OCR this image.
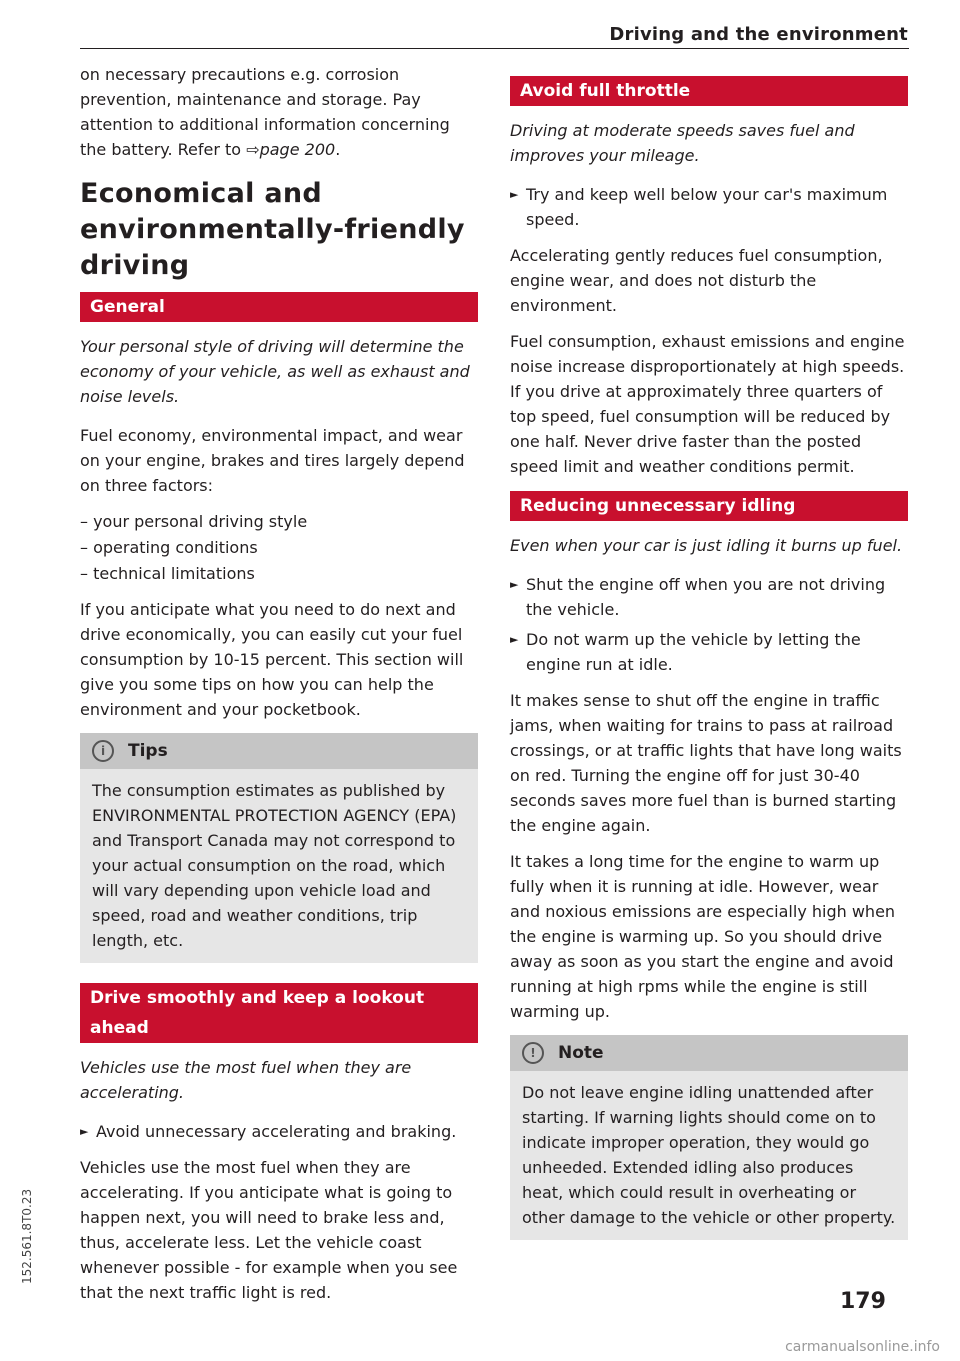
Driving and the environment

on necessary precautions e.g. corrosion prevention, maintenance and storage. Pay attention to additional information concerning the battery. Refer to ⇨page 200.

Economical and environmentally-friendly driving
General

Your personal style of driving will determine the economy of your vehicle, as well as exhaust and noise levels.

Fuel economy, environmental impact, and wear on your engine, brakes and tires largely depend on three factors:

– your personal driving style
– operating conditions
– technical limitations

If you anticipate what you need to do next and drive economically, you can easily cut your fuel consumption by 10-15 percent. This section will give you some tips on how you can help the environment and your pocketbook.

i	Tips

The consumption estimates as published by ENVIRONMENTAL PROTECTION AGENCY (EPA) and Transport Canada may not correspond to your actual consumption on the road, which will vary depending upon vehicle load and speed, road and weather conditions, trip length, etc.

Drive smoothly and keep a lookout ahead

Vehicles use the most fuel when they are accelerating.

► Avoid unnecessary accelerating and braking.

Vehicles use the most fuel when they are accelerating. If you anticipate what is going to happen next, you will need to brake less and, thus, accelerate less. Let the vehicle coast whenever possible - for example when you see that the next traffic light is red.

Avoid full throttle

Driving at moderate speeds saves fuel and improves your mileage.

► Try and keep well below your car's maximum speed.

Accelerating gently reduces fuel consumption, engine wear, and does not disturb the environment.

Fuel consumption, exhaust emissions and engine noise increase disproportionately at high speeds. If you drive at approximately three quarters of top speed, fuel consumption will be reduced by one half. Never drive faster than the posted speed limit and weather conditions permit.

Reducing unnecessary idling

Even when your car is just idling it burns up fuel.

► Shut the engine off when you are not driving the vehicle.
► Do not warm up the vehicle by letting the engine run at idle.

It makes sense to shut off the engine in traffic jams, when waiting for trains to pass at railroad crossings, or at traffic lights that have long waits on red. Turning the engine off for just 30-40 seconds saves more fuel than is burned starting the engine again.

It takes a long time for the engine to warm up fully when it is running at idle. However, wear and noxious emissions are especially high when the engine is warming up. So you should drive away as soon as you start the engine and avoid running at high rpms while the engine is still warming up.

!	Note

Do not leave engine idling unattended after starting. If warning lights should come on to indicate improper operation, they would go unheeded. Extended idling also produces heat, which could result in overheating or other damage to the vehicle or other property.

152.561.8T0.23
179
carmanualsonline.info
